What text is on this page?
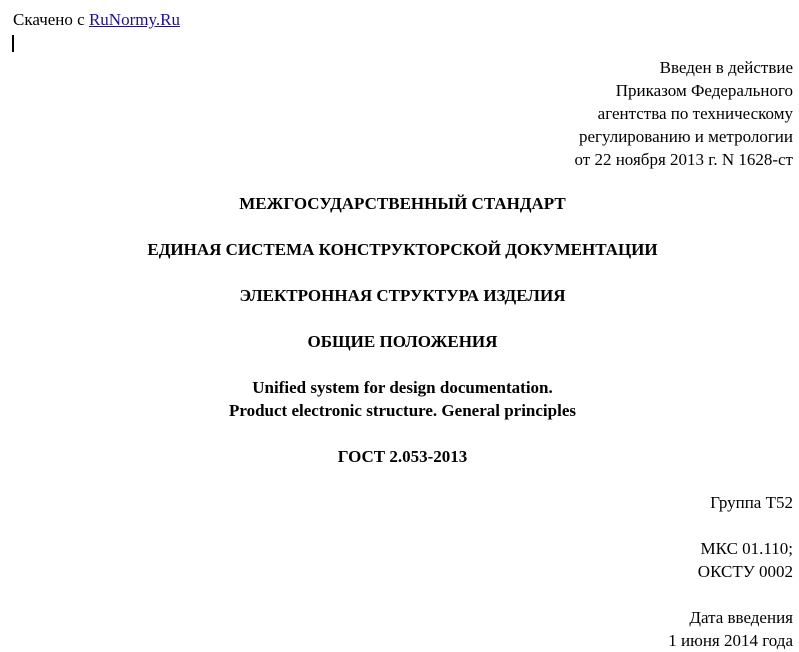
Скачено с RuNormy.Ru
Введен в действие
Приказом Федерального
агентства по техническому
регулированию и метрологии
от 22 ноября 2013 г. N 1628-ст
МЕЖГОСУДАРСТВЕННЫЙ СТАНДАРТ
ЕДИНАЯ СИСТЕМА КОНСТРУКТОРСКОЙ ДОКУМЕНТАЦИИ
ЭЛЕКТРОННАЯ СТРУКТУРА ИЗДЕЛИЯ
ОБЩИЕ ПОЛОЖЕНИЯ
Unified system for design documentation.
Product electronic structure. General principles
ГОСТ 2.053-2013
Группа Т52
МКС 01.110;
ОКСТУ 0002
Дата введения
1 июня 2014 года
